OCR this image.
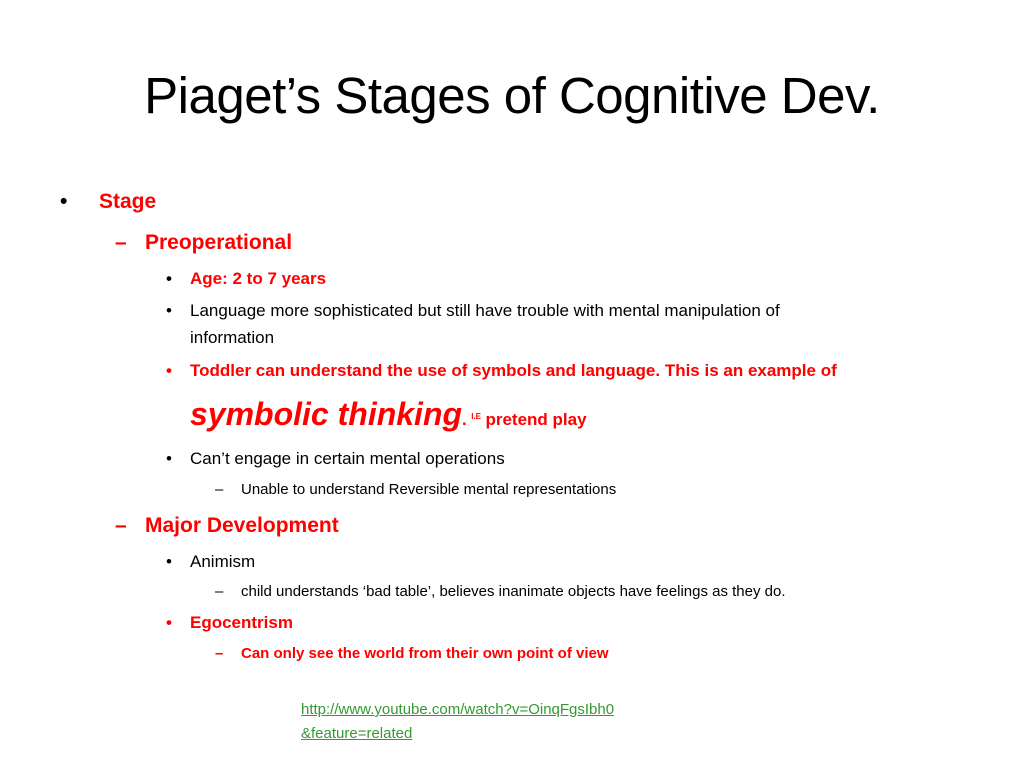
Piaget’s Stages of Cognitive Dev.
• Stage
– Preoperational
• Age: 2 to 7 years
• Language more sophisticated but still have trouble with mental manipulation of
information
• Toddler can understand the use of symbols and language. This is an example of
symbolic thinking. $^{I.E}$ pretend play
• Can’t engage in certain mental operations
– Unable to understand Reversible mental representations
– Major Development
• Animism
– child understands ‘bad table’, believes inanimate objects have feelings as they do.
• Egocentrism
– Can only see the world from their own point of view
http://www.youtube.com/watch?v=OinqFgsIbh0
&feature=related
